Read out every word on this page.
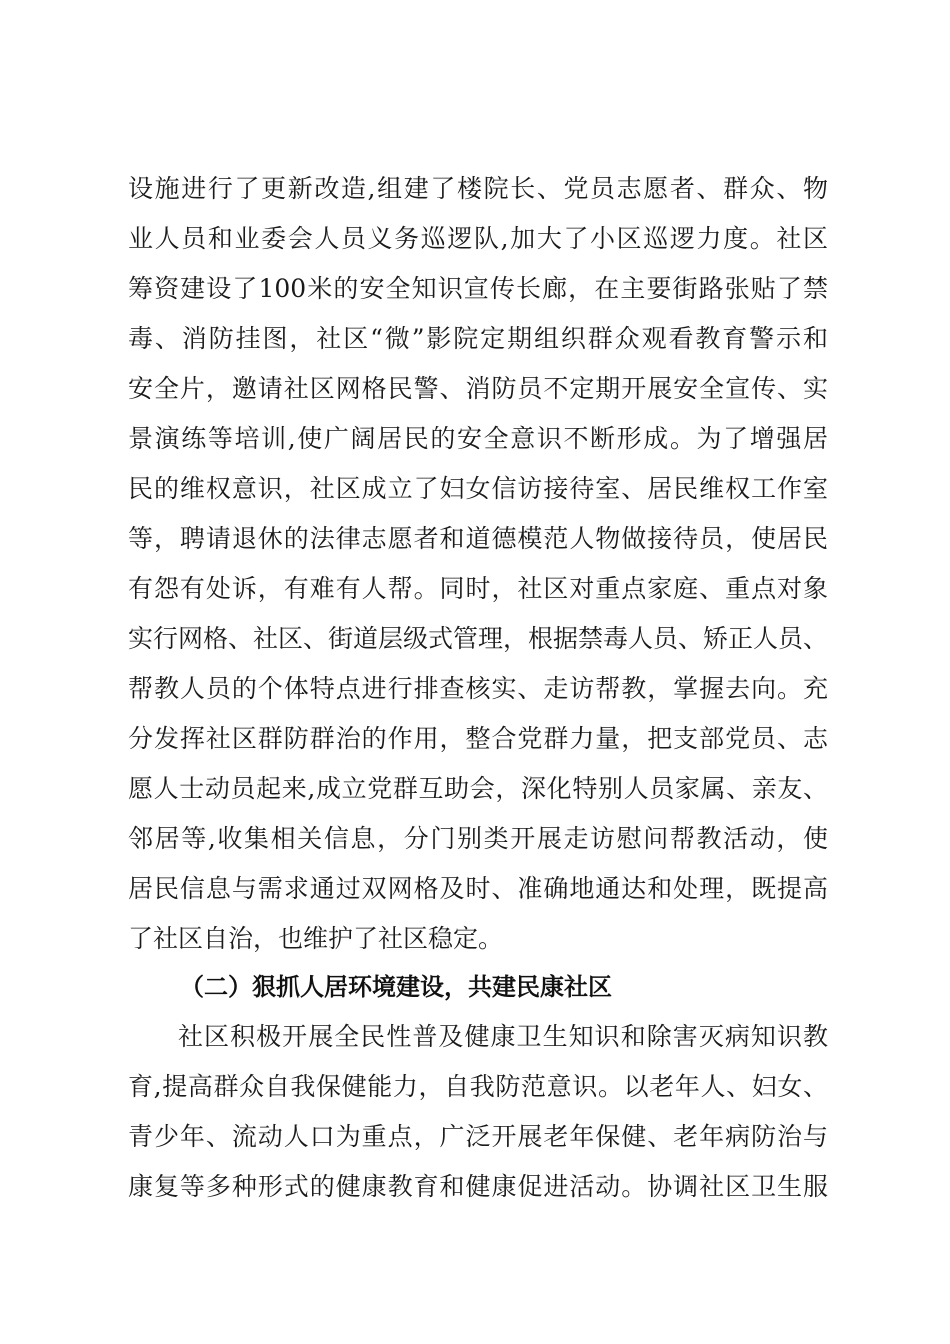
设施进行了更新改造,组建了楼院长、党员志愿者、群众、物
业人员和业委会人员义务巡逻队,加大了小区巡逻力度。社区
筹资建设了100米的安全知识宣传长廊，在主要街路张贴了禁
毒、消防挂图，社区“微”影院定期组织群众观看教育警示和
安全片，邀请社区网格民警、消防员不定期开展安全宣传、实
景演练等培训,使广阔居民的安全意识不断形成。为了增强居
民的维权意识，社区成立了妇女信访接待室、居民维权工作室
等，聘请退休的法律志愿者和道德模范人物做接待员，使居民
有怨有处诉，有难有人帮。同时，社区对重点家庭、重点对象
实行网格、社区、街道层级式管理，根据禁毒人员、矫正人员、
帮教人员的个体特点进行排查核实、走访帮教，掌握去向。充
分发挥社区群防群治的作用，整合党群力量，把支部党员、志
愿人士动员起来,成立党群互助会，深化特别人员家属、亲友、
邻居等,收集相关信息，分门别类开展走访慰问帮教活动，使
居民信息与需求通过双网格及时、准确地通达和处理，既提高
了社区自治，也维护了社区稳定。
（二）狠抓人居环境建设，共建民康社区
社区积极开展全民性普及健康卫生知识和除害灭病知识教
育,提高群众自我保健能力，自我防范意识。以老年人、妇女、
青少年、流动人口为重点，广泛开展老年保健、老年病防治与
康复等多种形式的健康教育和健康促进活动。协调社区卫生服
